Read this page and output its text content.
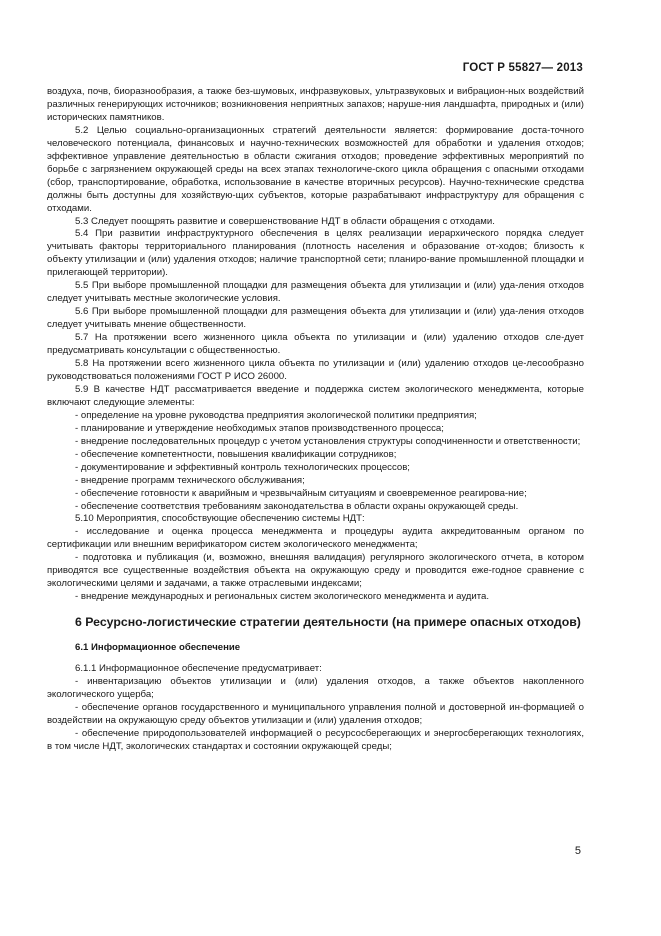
ГОСТ Р 55827— 2013

воздуха, почв, биоразнообразия, а также без-шумовых, инфразвуковых, ультразвуковых и вибрацион-ных воздействий различных генерирующих источников; возникновения неприятных запахов; наруше-ния ландшафта, природных и (или) исторических памятников.

5.2 Целью социально-организационных стратегий деятельности является: формирование доста-точного человеческого потенциала, финансовых и научно-технических возможностей для обработки и удаления отходов; эффективное управление деятельностью в области сжигания отходов; проведение эффективных мероприятий по борьбе с загрязнением окружающей среды на всех этапах технологиче-ского цикла обращения с опасными отходами (сбор, транспортирование, обработка, использование в качестве вторичных ресурсов). Научно-технические средства должны быть доступны для хозяйствую-щих субъектов, которые разрабатывают инфраструктуру для обращения с отходами.

5.3 Следует поощрять развитие и совершенствование НДТ в области обращения с отходами.

5.4 При развитии инфраструктурного обеспечения в целях реализации иерархического порядка следует учитывать факторы территориального планирования (плотность населения и образование от-ходов; близость к объекту утилизации и (или) удаления отходов; наличие транспортной сети; планиро-вание промышленной площадки и прилегающей территории).

5.5 При выборе промышленной площадки для размещения объекта для утилизации и (или) уда-ления отходов следует учитывать местные экологические условия.

5.6 При выборе промышленной площадки для размещения объекта для утилизации и (или) уда-ления отходов следует учитывать мнение общественности.

5.7 На протяжении всего жизненного цикла объекта по утилизации и (или) удалению отходов сле-дует предусматривать консультации с общественностью.

5.8 На протяжении всего жизненного цикла объекта по утилизации и (или) удалению отходов це-лесообразно руководствоваться положениями ГОСТ Р ИСО 26000.

5.9 В качестве НДТ рассматривается введение и поддержка систем экологического менеджмента, которые включают следующие элементы:

- определение на уровне руководства предприятия экологической политики предприятия;

- планирование и утверждение необходимых этапов производственного процесса;

- внедрение последовательных процедур с учетом установления структуры соподчиненности и ответственности;

- обеспечение компетентности, повышения квалификации сотрудников;

- документирование и эффективный контроль технологических процессов;

- внедрение программ технического обслуживания;

- обеспечение готовности к аварийным и чрезвычайным ситуациям и своевременное реагирова-ние;

- обеспечение соответствия требованиям законодательства в области охраны окружающей среды.

5.10 Мероприятия, способствующие обеспечению системы НДТ:

- исследование и оценка процесса менеджмента и процедуры аудита аккредитованным органом по сертификации или внешним верификатором систем экологического менеджмента;

- подготовка и публикация (и, возможно, внешняя валидация) регулярного экологического отчета, в котором приводятся все существенные воздействия объекта на окружающую среду и проводится еже-годное сравнение с экологическими целями и задачами, а также отраслевыми индексами;

- внедрение международных и региональных систем экологического менеджмента и аудита.

6 Ресурсно-логистические стратегии деятельности (на примере опасных отходов)

6.1 Информационное обеспечение

6.1.1 Информационное обеспечение предусматривает:

- инвентаризацию объектов утилизации и (или) удаления отходов, а также объектов накопленного экологического ущерба;

- обеспечение органов государственного и муниципального управления полной и достоверной ин-формацией о воздействии на окружающую среду объектов утилизации и (или) удаления отходов;

- обеспечение природопользователей информацией о ресурсосберегающих и энергосберегающих технологиях, в том числе НДТ, экологических стандартах и состоянии окружающей среды;

5
